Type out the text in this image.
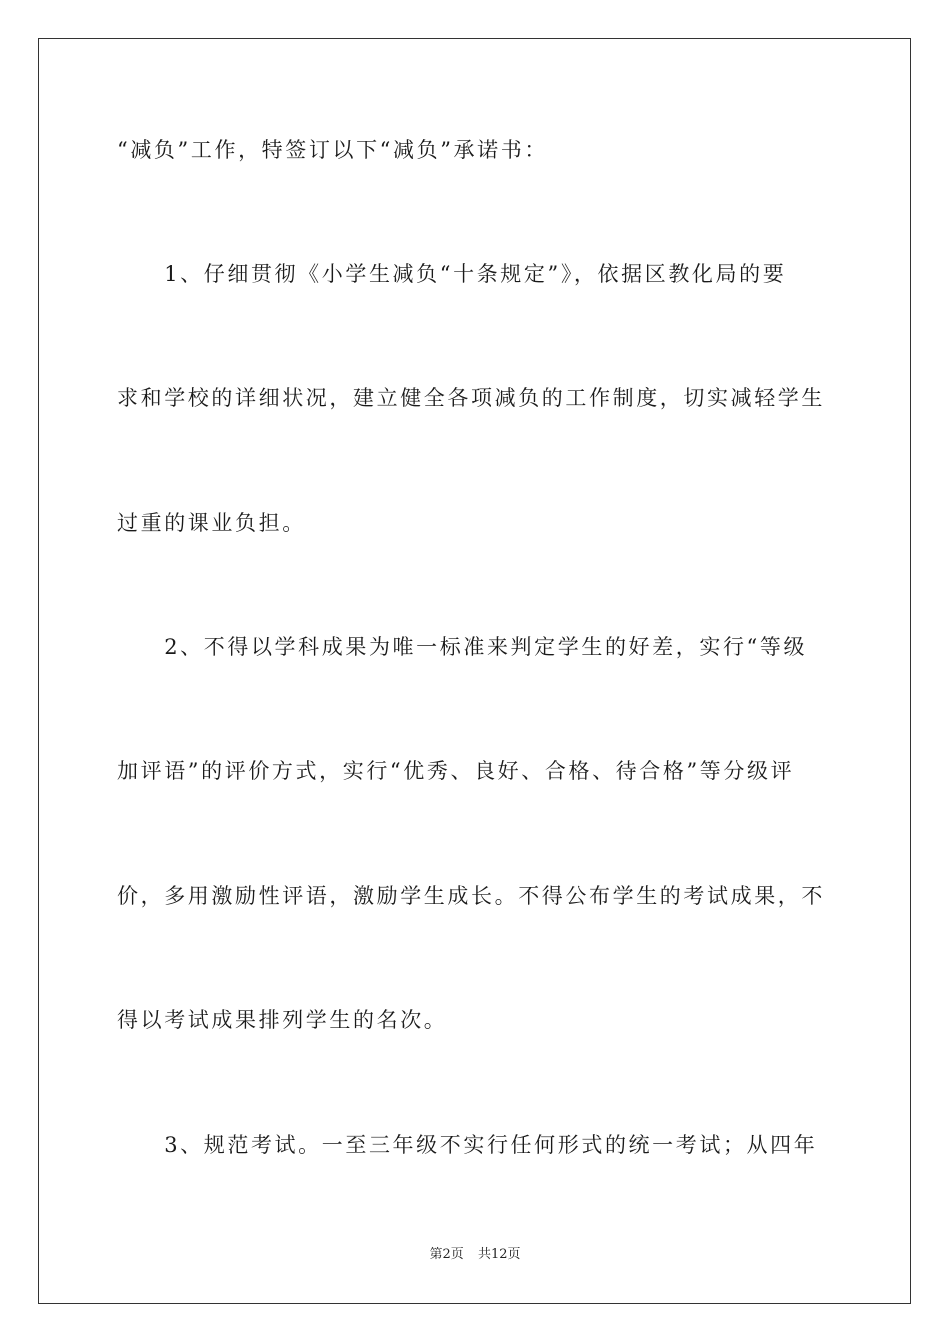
“减负”工作，特签订以下“减负”承诺书：
　　1、仔细贯彻《小学生减负“十条规定”》，依据区教化局的要
求和学校的详细状况，建立健全各项减负的工作制度，切实减轻学生
过重的课业负担。
　　2、不得以学科成果为唯一标准来判定学生的好差，实行“等级
加评语”的评价方式，实行“优秀、良好、合格、待合格”等分级评
价，多用激励性评语，激励学生成长。不得公布学生的考试成果，不
得以考试成果排列学生的名次。
　　3、规范考试。一至三年级不实行任何形式的统一考试；从四年
第2页 共12页
